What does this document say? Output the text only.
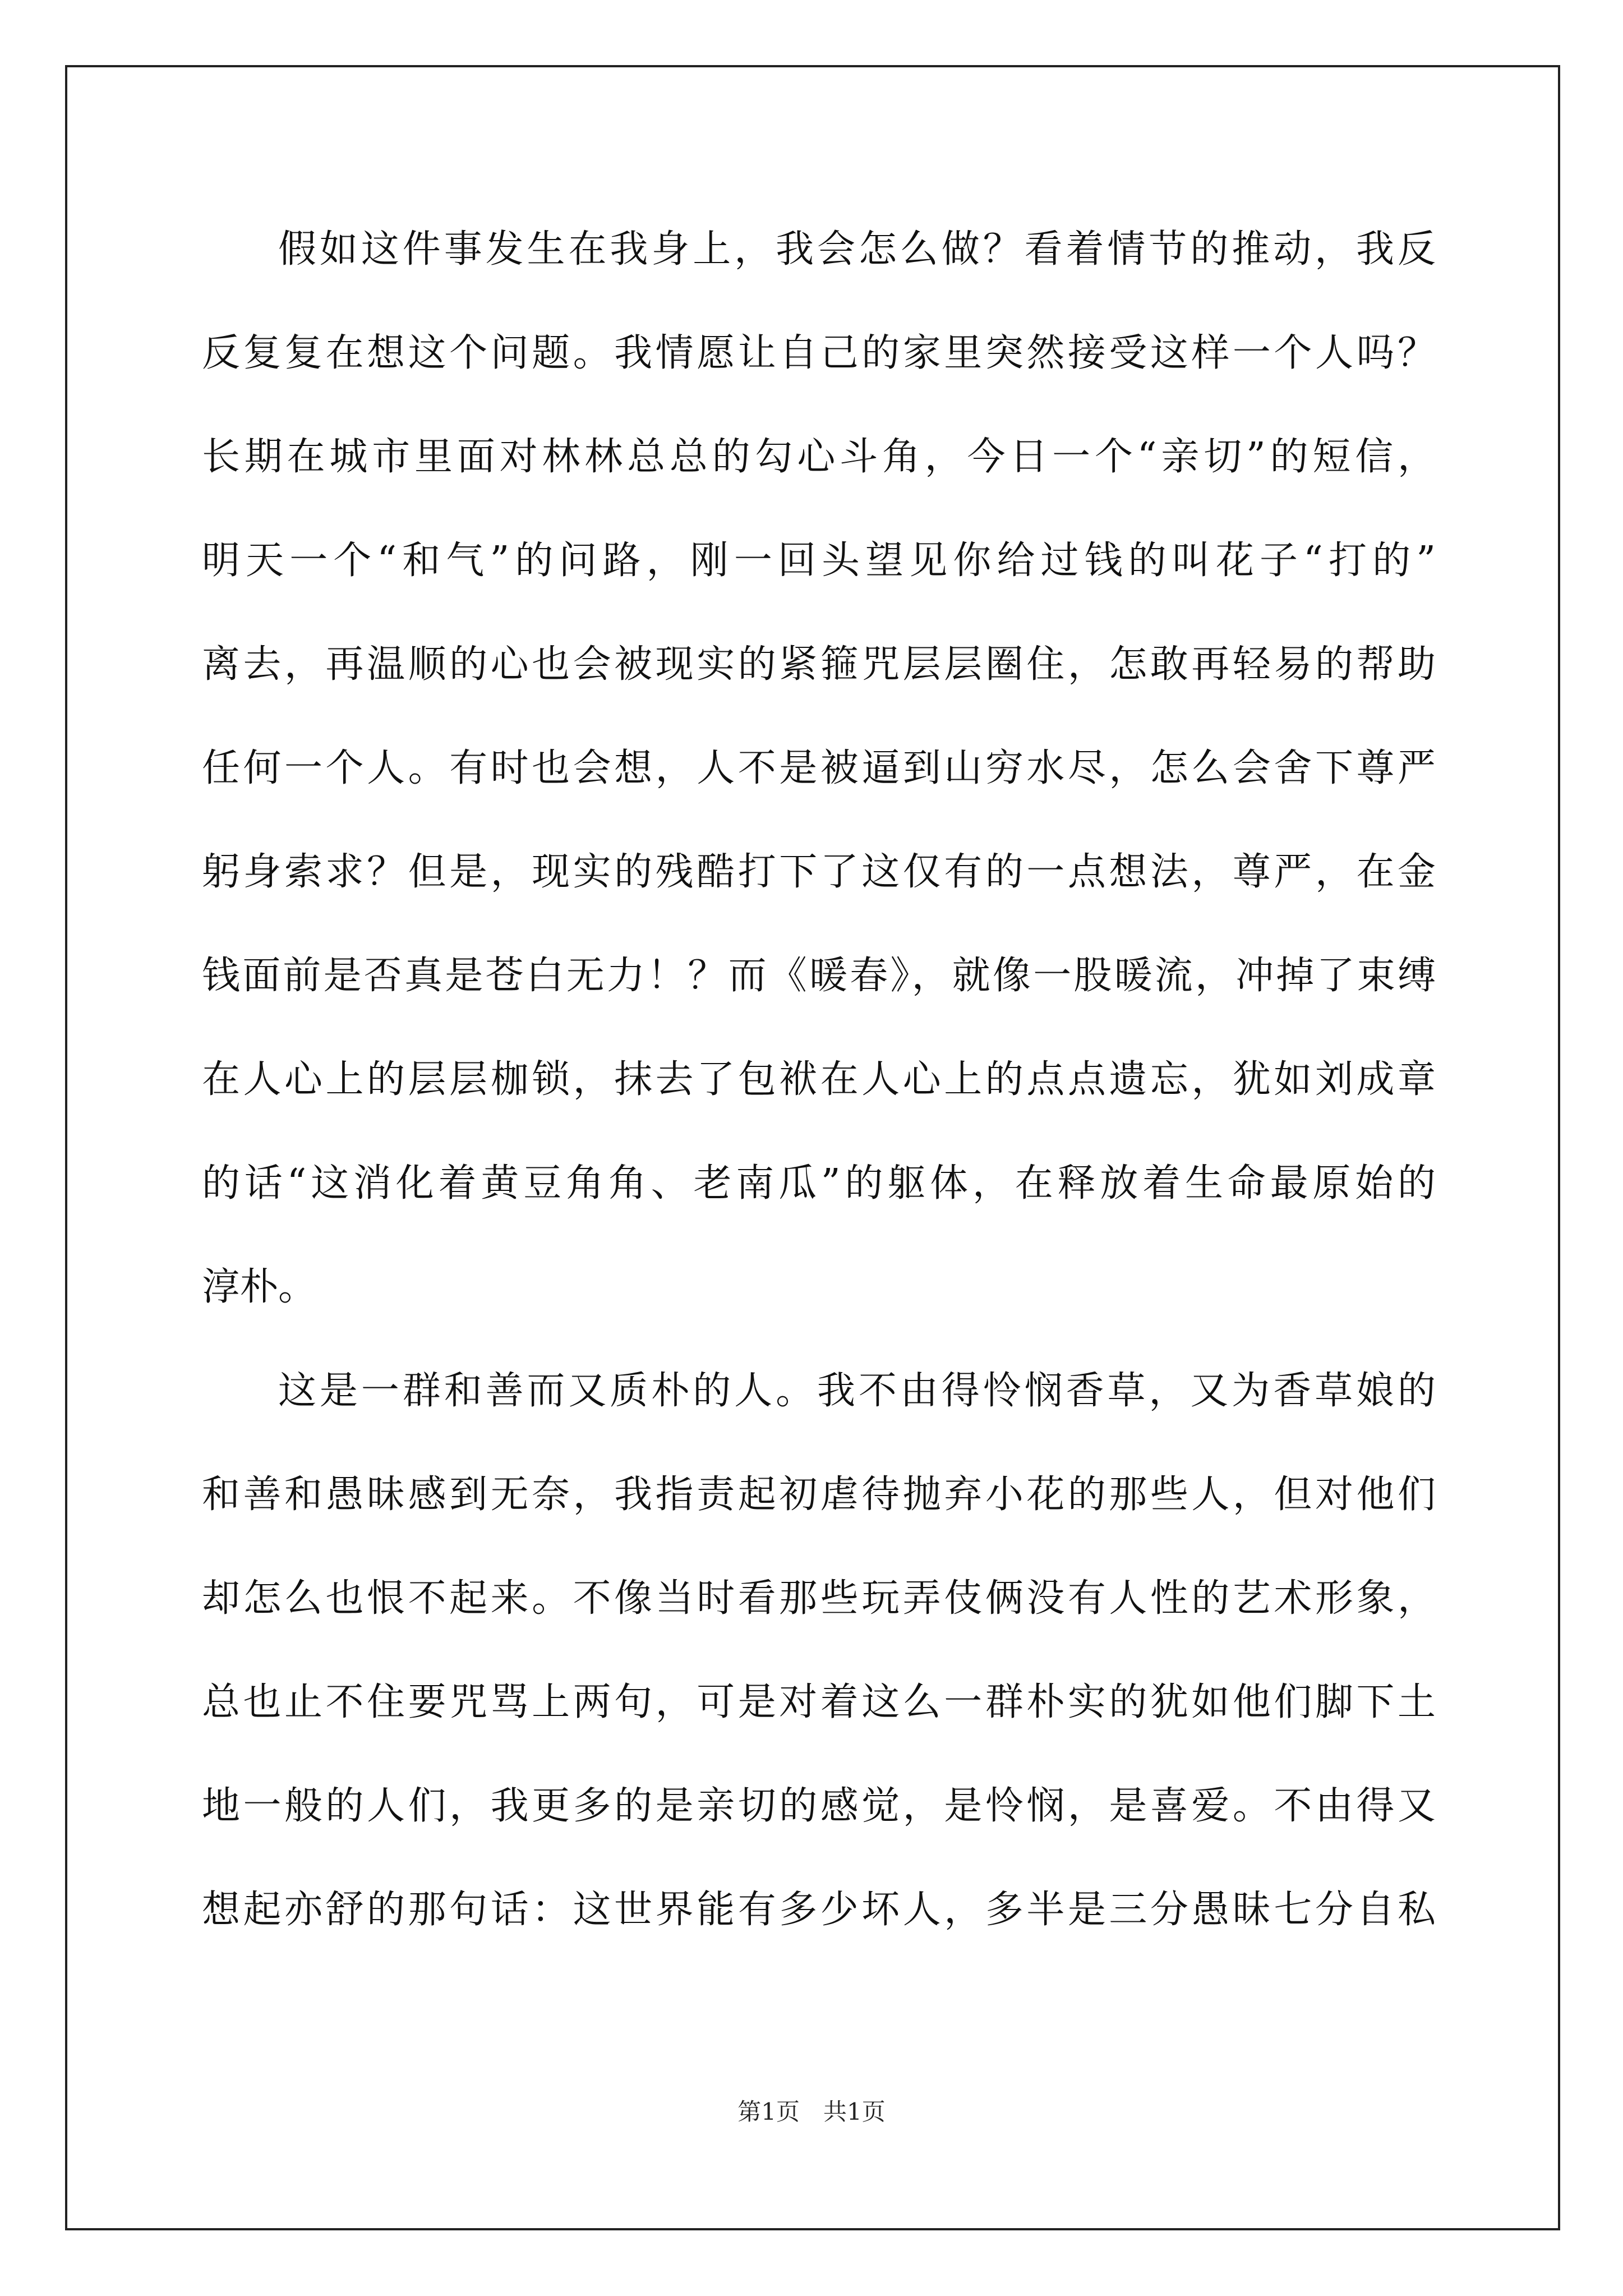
假如这件事发生在我身上，我会怎么做？看着情节的推动，我反
反复复在想这个问题。我情愿让自己的家里突然接受这样一个人吗？
长期在城市里面对林林总总的勾心斗角，今日一个“亲切”的短信，
明天一个“和气”的问路，刚一回头望见你给过钱的叫花子“打的”
离去，再温顺的心也会被现实的紧箍咒层层圈住，怎敢再轻易的帮助
任何一个人。有时也会想，人不是被逼到山穷水尽，怎么会舍下尊严
躬身索求？但是，现实的残酷打下了这仅有的一点想法，尊严，在金
钱面前是否真是苍白无力！？而《暖春》，就像一股暖流，冲掉了束缚
在人心上的层层枷锁，抹去了包袱在人心上的点点遗忘，犹如刘成章
的话“这消化着黄豆角角、老南瓜”的躯体，在释放着生命最原始的
淳朴。
这是一群和善而又质朴的人。我不由得怜悯香草，又为香草娘的
和善和愚昧感到无奈，我指责起初虐待抛弃小花的那些人，但对他们
却怎么也恨不起来。不像当时看那些玩弄伎俩没有人性的艺术形象，
总也止不住要咒骂上两句，可是对着这么一群朴实的犹如他们脚下土
地一般的人们，我更多的是亲切的感觉，是怜悯，是喜爱。不由得又
想起亦舒的那句话：这世界能有多少坏人，多半是三分愚昧七分自私
第1页　共1页
